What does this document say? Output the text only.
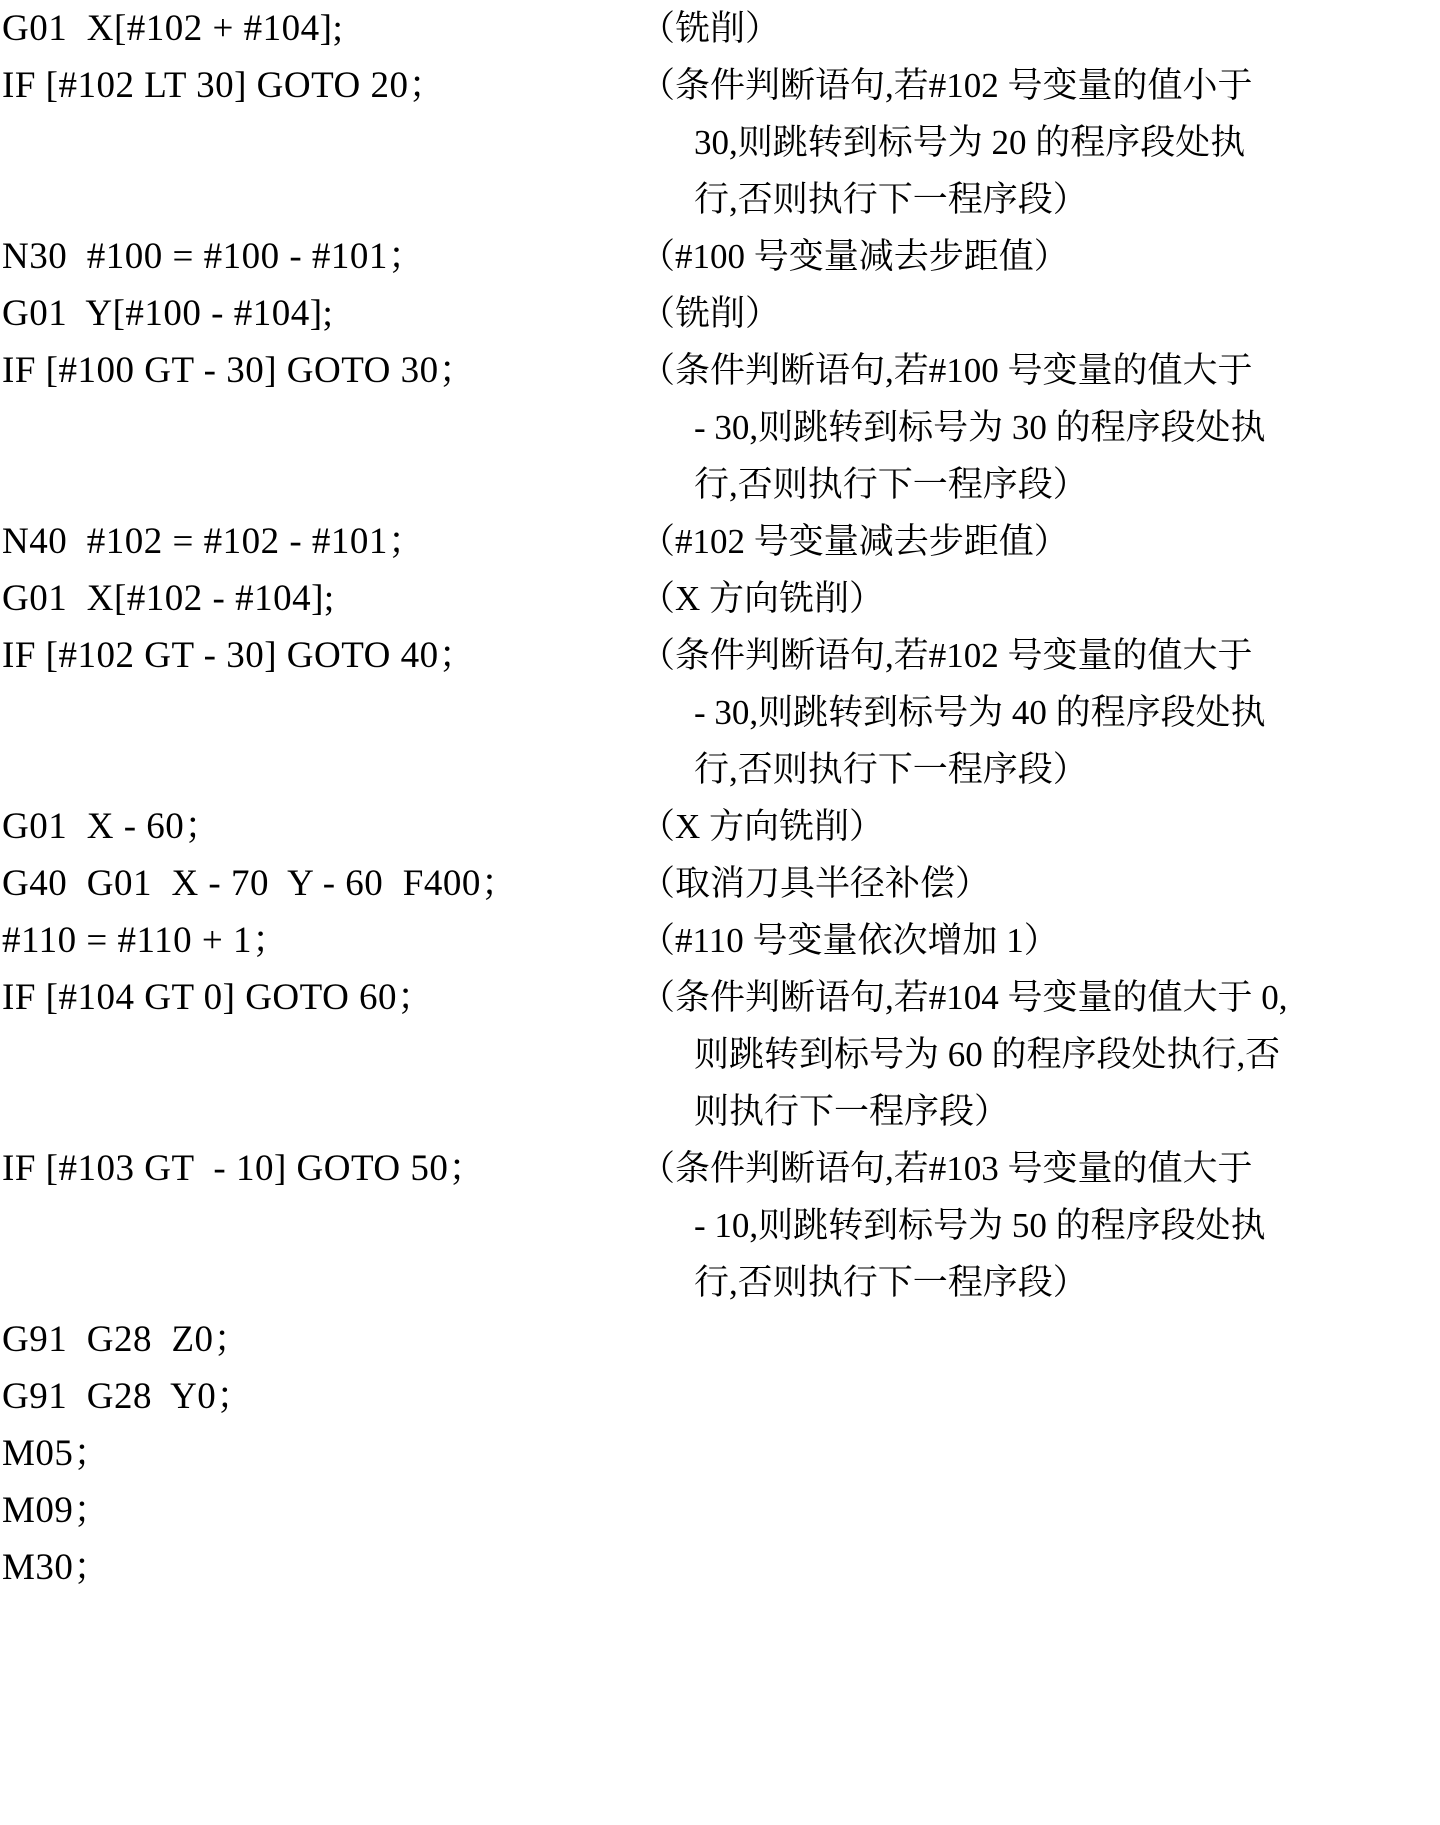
G01  X[#102 + #104];	（铣削）
IF [#102 LT 30] GOTO 20；	（条件判断语句,若#102 号变量的值小于
30,则跳转到标号为 20 的程序段处执
行,否则执行下一程序段）
N30  #100 = #100 - #101；	（#100 号变量减去步距值）
G01  Y[#100 - #104];	（铣削）
IF [#100 GT - 30] GOTO 30；	（条件判断语句,若#100 号变量的值大于
- 30,则跳转到标号为 30 的程序段处执
行,否则执行下一程序段）
N40  #102 = #102 - #101；	（#102 号变量减去步距值）
G01  X[#102 - #104];	（X 方向铣削）
IF [#102 GT - 30] GOTO 40；	（条件判断语句,若#102 号变量的值大于
- 30,则跳转到标号为 40 的程序段处执
行,否则执行下一程序段）
G01  X - 60；	（X 方向铣削）
G40  G01  X - 70  Y - 60  F400；	（取消刀具半径补偿）
#110 = #110 + 1；	（#110 号变量依次增加 1）
IF [#104 GT 0] GOTO 60；	（条件判断语句,若#104 号变量的值大于 0,
则跳转到标号为 60 的程序段处执行,否
则执行下一程序段）
IF [#103 GT  - 10] GOTO 50；	（条件判断语句,若#103 号变量的值大于
- 10,则跳转到标号为 50 的程序段处执
行,否则执行下一程序段）
G91  G28  Z0；
G91  G28  Y0；
M05；
M09；
M30；
